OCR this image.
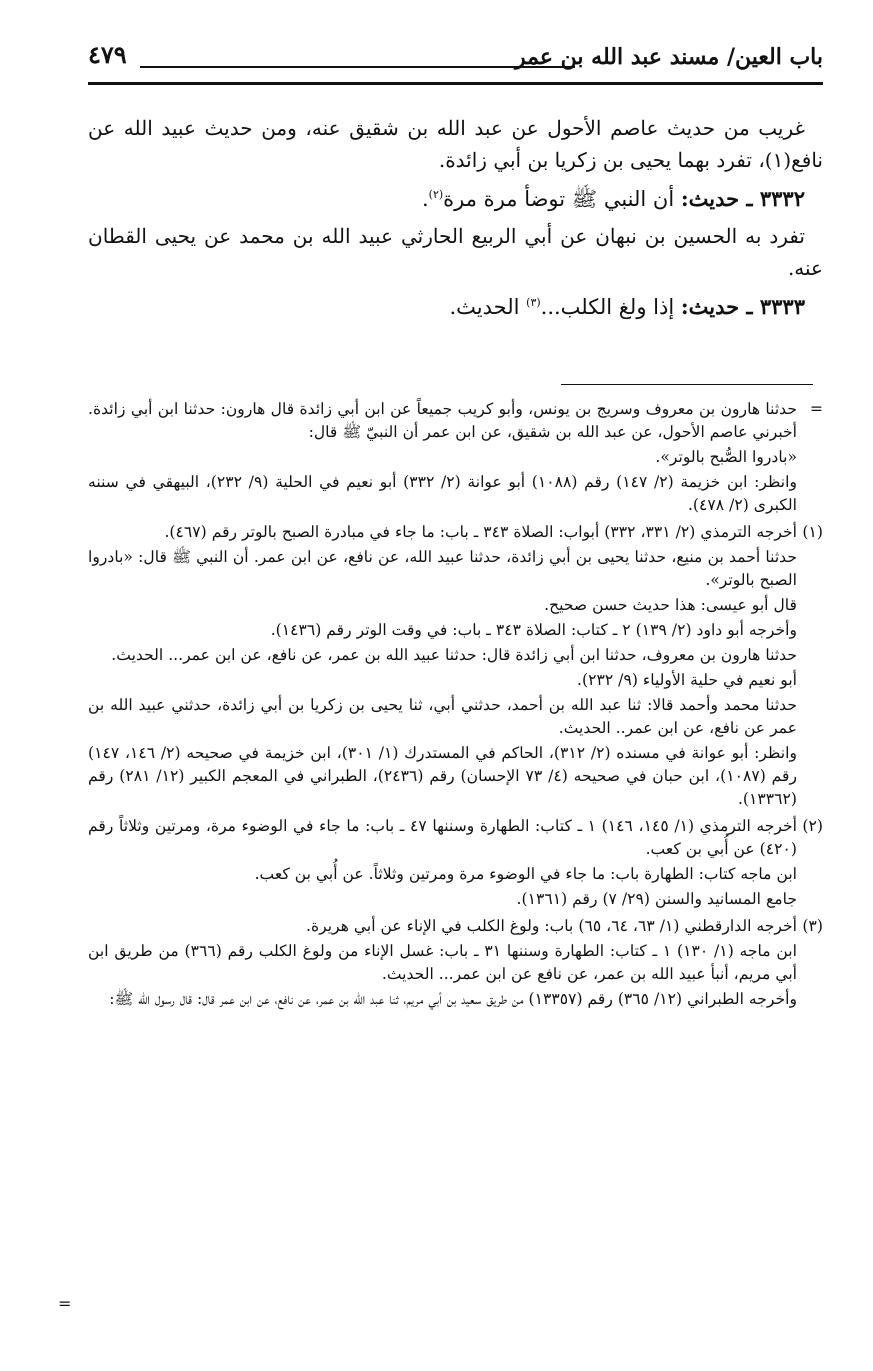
باب العين/ مسند عبد الله بن عمر
٤٧٩

غريب من حديث عاصم الأحول عن عبد الله بن شقيق عنه، ومن حديث عبيد الله عن نافع(١)، تفرد بهما يحيى بن زكريا بن أبي زائدة.

٣٣٣٢ ـ حديث: أن النبي ﷺ توضأ مرة مرة$^{(٢)}$.

تفرد به الحسين بن نبهان عن أبي الربيع الحارثي عبيد الله بن محمد عن يحيى القطان عنه.

٣٣٣٣ ـ حديث: إذا ولغ الكلب...$^{(٣)}$ الحديث.

=

حدثنا هارون بن معروف وسريج بن يونس، وأبو كريب جميعاً عن ابن أبي زائدة قال هارون: حدثنا ابن أبي زائدة. أخبرني عاصم الأحول، عن عبد الله بن شقيق، عن ابن عمر أن النبيّ ﷺ قال:

«بادروا الصُّبح بالوتر».

وانظر: ابن خزيمة (٢/ ١٤٧) رقم (١٠٨٨) أبو عوانة (٢/ ٣٣٢) أبو نعيم في الحلية (٩/ ٢٣٢)، البيهقي في سننه الكبرى (٢/ ٤٧٨).

(١)

أخرجه الترمذي (٢/ ٣٣١، ٣٣٢) أبواب: الصلاة ٣٤٣ ـ باب: ما جاء في مبادرة الصبح بالوتر رقم (٤٦٧).

حدثنا أحمد بن منيع، حدثنا يحيى بن أبي زائدة، حدثنا عبيد الله، عن نافع، عن ابن عمر. أن النبي ﷺ قال: «بادروا الصبح بالوتر».

قال أبو عيسى: هذا حديث حسن صحيح.

وأخرجه أبو داود (٢/ ١٣٩) ٢ ـ كتاب: الصلاة ٣٤٣ ـ باب: في وقت الوتر رقم (١٤٣٦).

حدثنا هارون بن معروف، حدثنا ابن أبي زائدة قال: حدثنا عبيد الله بن عمر، عن نافع، عن ابن عمر... الحديث.

أبو نعيم في حلية الأولياء (٩/ ٢٣٢).

حدثنا محمد وأحمد قالا: ثنا عبد الله بن أحمد، حدثني أبي، ثنا يحيى بن زكريا بن أبي زائدة، حدثني عبيد الله بن عمر عن نافع، عن ابن عمر.. الحديث.

وانظر: أبو عوانة في مسنده (٢/ ٣١٢)، الحاكم في المستدرك (١/ ٣٠١)، ابن خزيمة في صحيحه (٢/ ١٤٦، ١٤٧) رقم (١٠٨٧)، ابن حبان في صحيحه (٤/ ٧٣ الإحسان) رقم (٢٤٣٦)، الطبراني في المعجم الكبير (١٢/ ٢٨١) رقم (١٣٣٦٢).

(٢)

أخرجه الترمذي (١/ ١٤٥، ١٤٦) ١ ـ كتاب: الطهارة وسننها ٤٧ ـ باب: ما جاء في الوضوء مرة، ومرتين وثلاثاً رقم (٤٢٠) عن أُبي بن كعب.

ابن ماجه كتاب: الطهارة باب: ما جاء في الوضوء مرة ومرتين وثلاثاً. عن أُبي بن كعب.

جامع المسانيد والسنن (٢٩/ ٧) رقم (١٣٦١).

(٣)

أخرجه الدارقطني (١/ ٦٣، ٦٤، ٦٥) باب: ولوغ الكلب في الإناء عن أبي هريرة.

ابن ماجه (١/ ١٣٠) ١ ـ كتاب: الطهارة وسننها ٣١ ـ باب: غسل الإناء من ولوغ الكلب رقم (٣٦٦) من طريق ابن أبي مريم، أنبأ عبيد الله بن عمر، عن نافع عن ابن عمر... الحديث.

وأخرجه الطبراني (١٢/ ٣٦٥) رقم (١٣٣٥٧) من طريق سعيد بن أبي مريم، ثنا عبد الله بن عمر، عن نافع، عن ابن عمر قال: قال رسول الله ﷺ:

=
